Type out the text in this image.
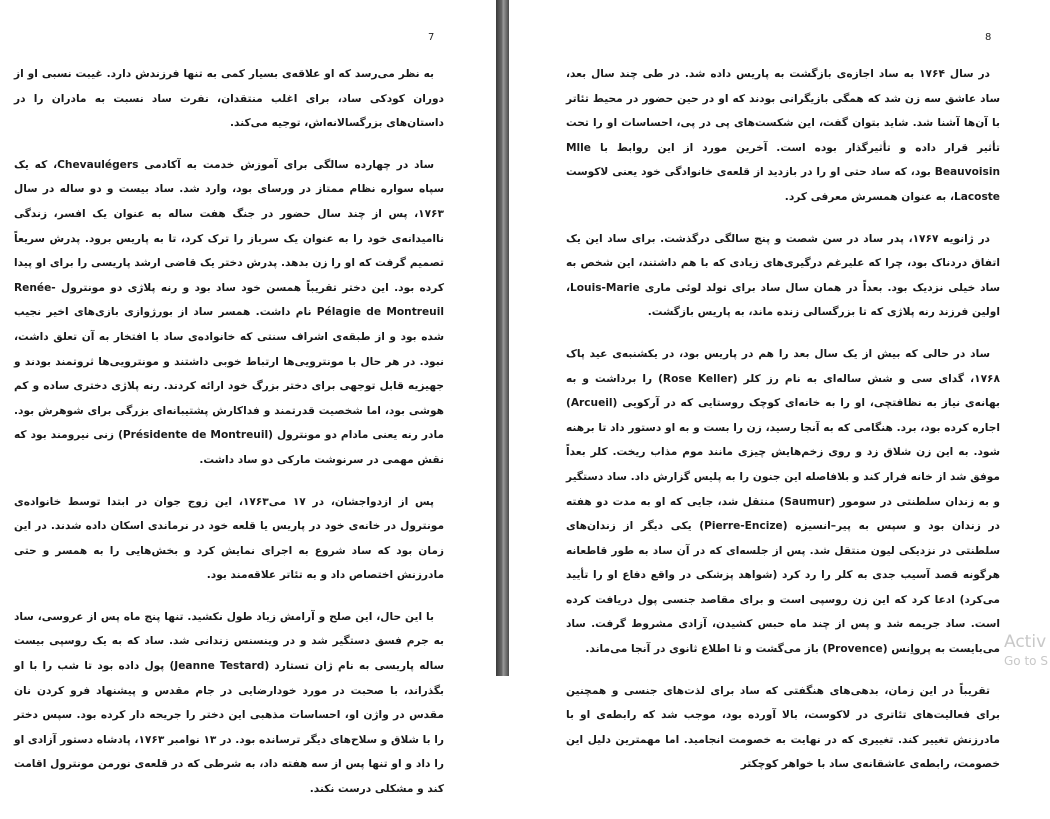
7

به نظر می‌رسد که او علاقه‌ی بسیار کمی به تنها فرزندش دارد. غیبت نسبی او از دوران کودکی ساد، برای اغلب منتقدان، نفرت ساد نسبت به مادران را در داستان‌های بزرگسالانه‌اش، توجیه می‌کند.

ساد در چهارده سالگی برای آموزش خدمت به آکادمی Chevaulégers، که یک سپاه سواره نظام ممتاز در ورسای بود، وارد شد. ساد بیست و دو ساله در سال ۱۷۶۳، پس از چند سال حضور در جنگ هفت ساله به عنوان یک افسر، زندگی ناامیدانه‌ی خود را به عنوان یک سرباز را ترک کرد، تا به پاریس برود. پدرش سریعاً تصمیم گرفت که او را زن بدهد. پدرش دختر یک قاضی ارشد پاریسی را برای او پیدا کرده بود. این دختر تقریباً همسن خود ساد بود و رنه پلاژی دو مونترول Renée-Pélagie de Montreuil نام داشت. همسر ساد از بورژوازی بازی‌های اخیر نجیب شده بود و از طبقه‌ی اشراف سنتی که خانواده‌ی ساد با افتخار به آن تعلق داشت، نبود. در هر حال با مونترویی‌ها ارتباط خوبی داشتند و مونترویی‌ها ثروتمند بودند و جهیزیه قابل توجهی برای دختر بزرگ خود ارائه کردند. رنه پلاژی دختری ساده و کم هوشی بود، اما شخصیت قدرتمند و فداکارش پشتیبانه‌ای بزرگی برای شوهرش بود. مادر رنه یعنی مادام دو مونترول (Présidente de Montreuil) زنی نیرومند بود که نقش مهمی در سرنوشت مارکی دو ساد داشت.

پس از ازدواجشان، در ۱۷ می۱۷۶۳، این زوج جوان در ابتدا توسط خانواده‌ی مونترول در خانه‌ی خود در پاریس یا قلعه خود در نرماندی اسکان داده شدند. در این زمان بود که ساد شروع به اجرای نمایش کرد و بخش‌هایی را به همسر و حتی مادرزنش اختصاص داد و به تئاتر علاقه‌مند بود.

با این حال، این صلح و آرامش زیاد طول نکشید. تنها پنج ماه پس از عروسی، ساد به جرم فسق دستگیر شد و در وینسنس زندانی شد. ساد که به یک روسپی بیست ساله پاریسی به نام ژان تستارد (Jeanne Testard) پول داده بود تا شب را با او بگذراند، با صحبت در مورد خودارضایی در جام مقدس و پیشنهاد فرو کردن نان مقدس در واژن او، احساسات مذهبی این دختر را جریحه دار کرده بود. سپس دختر را با شلاق و سلاح‌های دیگر ترسانده بود. در ۱۳ نوامبر ۱۷۶۳، پادشاه دستور آزادی او را داد و او تنها پس از سه هفته داد، به شرطی که در قلعه‌ی نورمن مونترول اقامت کند و مشکلی درست نکند.

8

در سال ۱۷۶۴ به ساد اجازه‌ی بازگشت به پاریس داده شد. در طی چند سال بعد، ساد عاشق سه زن شد که همگی بازیگرانی بودند که او در حین حضور در محیط تئاتر با آن‌ها آشنا شد. شاید بتوان گفت، این شکست‌های پی در پی، احساسات او را تحت تأثیر قرار داده و تأثیرگذار بوده است. آخرین مورد از این روابط با Mlle Beauvoisin بود، که ساد حتی او را در بازدید از قلعه‌ی خانوادگی خود یعنی لاکوست Lacoste، به عنوان همسرش معرفی کرد.

در ژانویه ۱۷۶۷، پدر ساد در سن شصت و پنج سالگی درگذشت. برای ساد این یک اتفاق دردناک بود، چرا که علیرغم درگیری‌های زیادی که با هم داشتند، این شخص به ساد خیلی نزدیک بود. بعداً در همان سال ساد برای تولد لوئی ماری Louis-Marie، اولین فرزند رنه پلاژی که تا بزرگسالی زنده ماند، به پاریس بازگشت.

ساد در حالی که بیش از یک سال بعد را هم در پاریس بود، در یکشنبه‌ی عید پاک ۱۷۶۸، گدای سی و شش ساله‌ای به نام رز کلر (Rose Keller) را برداشت و به بهانه‌ی نیاز به نظافتچی، او را به خانه‌ای کوچک روستایی که در آرکویی (Arcueil) اجاره کرده بود، برد. هنگامی که به آنجا رسید، زن را بست و به او دستور داد تا برهنه شود. به این زن شلاق زد و روی زخم‌هایش چیزی مانند موم مذاب ریخت. کلر بعداً موفق شد از خانه فرار کند و بلافاصله این جنون را به پلیس گزارش داد. ساد دستگیر و به زندان سلطنتی در سومور (Saumur) منتقل شد، جایی که او به مدت دو هفته در زندان بود و سپس به پیر–انسیزه (Pierre-Encize) یکی دیگر از زندان‌های سلطنتی در نزدیکی لیون منتقل شد. پس از جلسه‌ای که در آن ساد به طور قاطعانه هرگونه قصد آسیب جدی به کلر را رد کرد (شواهد پزشکی در واقع دفاع او را تأیید می‌کرد) ادعا کرد که این زن روسپی است و برای مقاصد جنسی پول دریافت کرده است. ساد جریمه شد و پس از چند ماه حبس کشیدن، آزادی مشروط گرفت. ساد می‌بایست به پرواِنس (Provence) باز می‌گشت و تا اطلاع ثانوی در آنجا می‌ماند.

تقریباً در این زمان، بدهی‌های هنگفتی که ساد برای لذت‌های جنسی و همچنین برای فعالیت‌های تئاتری در لاکوست، بالا آورده بود، موجب شد که رابطه‌ی او با مادرزنش تغییر کند. تغییری که در نهایت به خصومت انجامید. اما مهمترین دلیل این خصومت، رابطه‌ی عاشقانه‌ی ساد با خواهر کوچکتر

Activ
Go to S
